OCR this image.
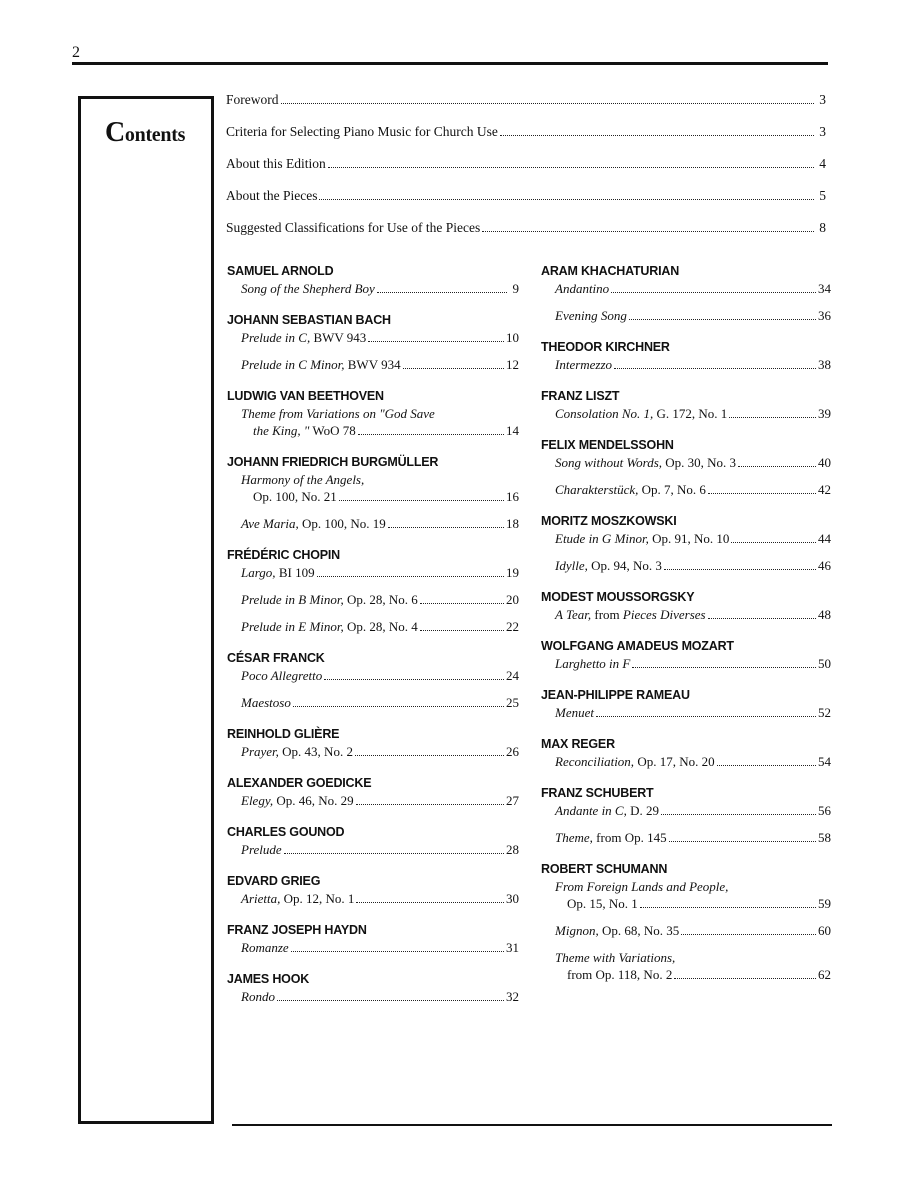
2
Contents
Foreword	3
Criteria for Selecting Piano Music for Church Use	3
About this Edition	4
About the Pieces	5
Suggested Classifications for Use of the Pieces	8
SAMUEL ARNOLD
Song of the Shepherd Boy	9
JOHANN SEBASTIAN BACH
Prelude in C, BWV 943	10
Prelude in C Minor, BWV 934	12
LUDWIG VAN BEETHOVEN
Theme from Variations on "God Save
the King, " WoO 78	14
JOHANN FRIEDRICH BURGMÜLLER
Harmony of the Angels,
Op. 100, No. 21	16
Ave Maria, Op. 100, No. 19	18
FRÉDÉRIC CHOPIN
Largo, BI 109	19
Prelude in B Minor, Op. 28, No. 6	20
Prelude in E Minor, Op. 28, No. 4	22
CÉSAR FRANCK
Poco Allegretto	24
Maestoso	25
REINHOLD GLIÈRE
Prayer, Op. 43, No. 2	26
ALEXANDER GOEDICKE
Elegy, Op. 46, No. 29	27
CHARLES GOUNOD
Prelude	28
EDVARD GRIEG
Arietta, Op. 12, No. 1	30
FRANZ JOSEPH HAYDN
Romanze	31
JAMES HOOK
Rondo	32
ARAM KHACHATURIAN
Andantino	34
Evening Song	36
THEODOR KIRCHNER
Intermezzo	38
FRANZ LISZT
Consolation No. 1, G. 172, No. 1	39
FELIX MENDELSSOHN
Song without Words, Op. 30, No. 3	40
Charakterstück, Op. 7, No. 6	42
MORITZ MOSZKOWSKI
Etude in G Minor, Op. 91, No. 10	44
Idylle, Op. 94, No. 3	46
MODEST MOUSSORGSKY
A Tear, from Pieces Diverses	48
WOLFGANG AMADEUS MOZART
Larghetto in F	50
JEAN-PHILIPPE RAMEAU
Menuet	52
MAX REGER
Reconciliation, Op. 17, No. 20	54
FRANZ SCHUBERT
Andante in C, D. 29	56
Theme, from Op. 145	58
ROBERT SCHUMANN
From Foreign Lands and People,
Op. 15, No. 1	59
Mignon, Op. 68, No. 35	60
Theme with Variations,
from Op. 118, No. 2	62
